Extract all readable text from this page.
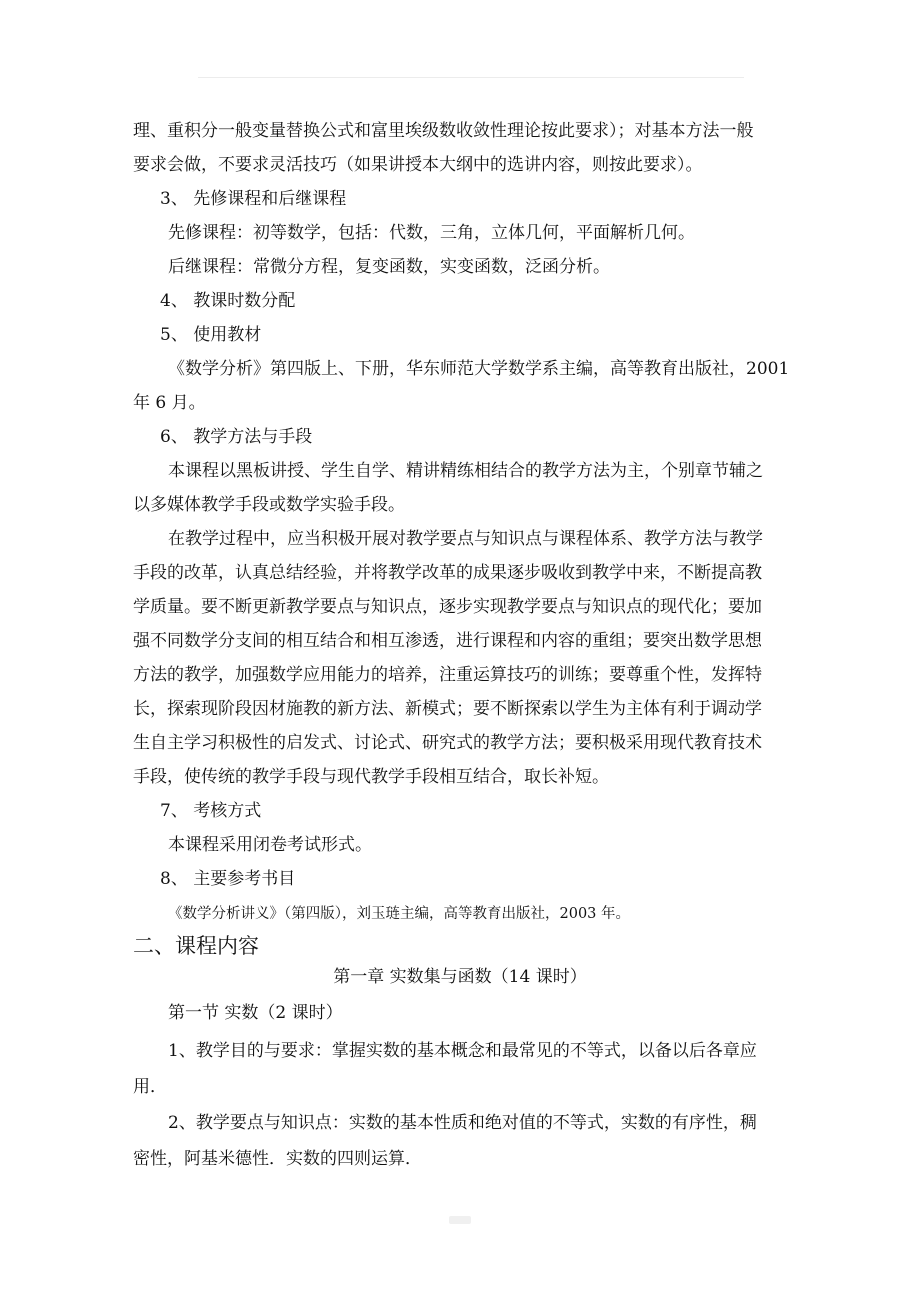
理、重积分一般变量替换公式和富里埃级数收敛性理论按此要求）；对基本方法一般
要求会做，不要求灵活技巧（如果讲授本大纲中的选讲内容，则按此要求）。
3、 先修课程和后继课程
先修课程：初等数学，包括：代数，三角，立体几何，平面解析几何。
后继课程：常微分方程，复变函数，实变函数，泛函分析。
4、 教课时数分配
5、 使用教材
《数学分析》第四版上、下册，华东师范大学数学系主编，高等教育出版社，2001
年 6 月。
6、 教学方法与手段
本课程以黑板讲授、学生自学、精讲精练相结合的教学方法为主，个别章节辅之
以多媒体教学手段或数学实验手段。
在教学过程中，应当积极开展对教学要点与知识点与课程体系、教学方法与教学
手段的改革，认真总结经验，并将教学改革的成果逐步吸收到教学中来，不断提高教
学质量。要不断更新教学要点与知识点，逐步实现教学要点与知识点的现代化；要加
强不同数学分支间的相互结合和相互渗透，进行课程和内容的重组；要突出数学思想
方法的教学，加强数学应用能力的培养，注重运算技巧的训练；要尊重个性，发挥特
长，探索现阶段因材施教的新方法、新模式；要不断探索以学生为主体有利于调动学
生自主学习积极性的启发式、讨论式、研究式的教学方法；要积极采用现代教育技术
手段，使传统的教学手段与现代教学手段相互结合，取长补短。
7、 考核方式
本课程采用闭卷考试形式。
8、 主要参考书目
《数学分析讲义》（第四版），刘玉琏主编，高等教育出版社，2003 年。
二、课程内容
第一章 实数集与函数（14 课时）
第一节 实数（2 课时）
1、教学目的与要求：掌握实数的基本概念和最常见的不等式，以备以后各章应
用．
2、教学要点与知识点：实数的基本性质和绝对值的不等式，实数的有序性，稠
密性，阿基米德性．实数的四则运算．
